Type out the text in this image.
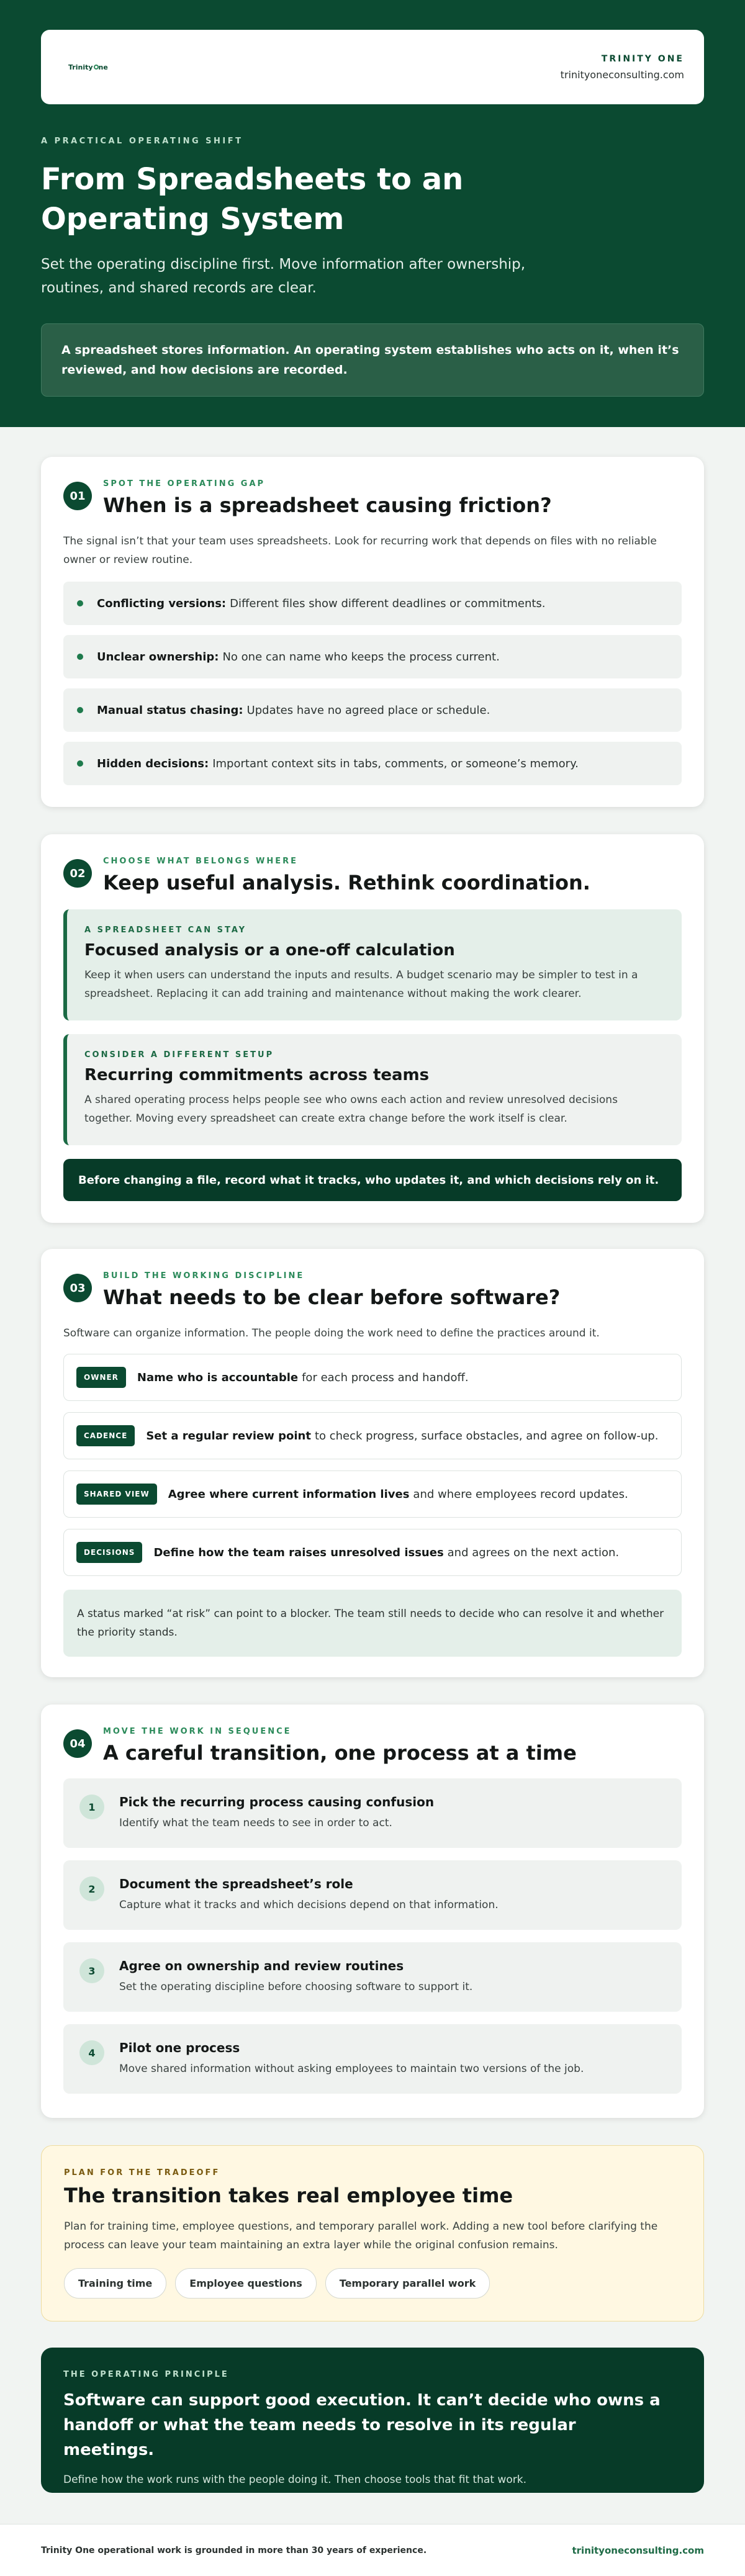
Trinity ne
TRINITY ONE
trinityoneconsulting.com
A PRACTICAL OPERATING SHIFT
From Spreadsheets to an Operating System

Set the operating discipline first. Move information after ownership, routines, and shared records are clear.

A spreadsheet stores information. An operating system establishes who acts on it, when it’s reviewed, and how decisions are recorded.
01
SPOT THE OPERATING GAP
When is a spreadsheet causing friction?

The signal isn’t that your team uses spreadsheets. Look for recurring work that depends on files with no reliable owner or review routine.

Conflicting versions: Different files show different deadlines or commitments.
Unclear ownership: No one can name who keeps the process current.
Manual status chasing: Updates have no agreed place or schedule.
Hidden decisions: Important context sits in tabs, comments, or someone’s memory.
02
CHOOSE WHAT BELONGS WHERE
Keep useful analysis. Rethink coordination.
A SPREADSHEET CAN STAY
Focused analysis or a one-off calculation
Keep it when users can understand the inputs and results. A budget scenario may be simpler to test in a spreadsheet. Replacing it can add training and maintenance without making the work clearer.
CONSIDER A DIFFERENT SETUP
Recurring commitments across teams
A shared operating process helps people see who owns each action and review unresolved decisions together. Moving every spreadsheet can create extra change before the work itself is clear.
Before changing a file, record what it tracks, who updates it, and which decisions rely on it.
03
BUILD THE WORKING DISCIPLINE
What needs to be clear before software?

Software can organize information. The people doing the work need to define the practices around it.

OWNER	Name who is accountable for each process and handoff.
CADENCE	Set a regular review point to check progress, surface obstacles, and agree on follow-up.
SHARED VIEW	Agree where current information lives and where employees record updates.
DECISIONS	Define how the team raises unresolved issues and agrees on the next action.
A status marked “at risk” can point to a blocker. The team still needs to decide who can resolve it and whether the priority stands.
04
MOVE THE WORK IN SEQUENCE
A careful transition, one process at a time
1	Pick the recurring process causing confusion
Identify what the team needs to see in order to act.
2	Document the spreadsheet’s role
Capture what it tracks and which decisions depend on that information.
3	Agree on ownership and review routines
Set the operating discipline before choosing software to support it.
4	Pilot one process
Move shared information without asking employees to maintain two versions of the job.
PLAN FOR THE TRADEOFF
The transition takes real employee time

Plan for training time, employee questions, and temporary parallel work. Adding a new tool before clarifying the process can leave your team maintaining an extra layer while the original confusion remains.

Training time	Employee questions	Temporary parallel work
THE OPERATING PRINCIPLE
Software can support good execution. It can’t decide who owns a handoff or what the team needs to resolve in its regular meetings.
Define how the work runs with the people doing it. Then choose tools that fit that work.
Trinity One operational work is grounded in more than 30 years of experience.	trinityoneconsulting.com
